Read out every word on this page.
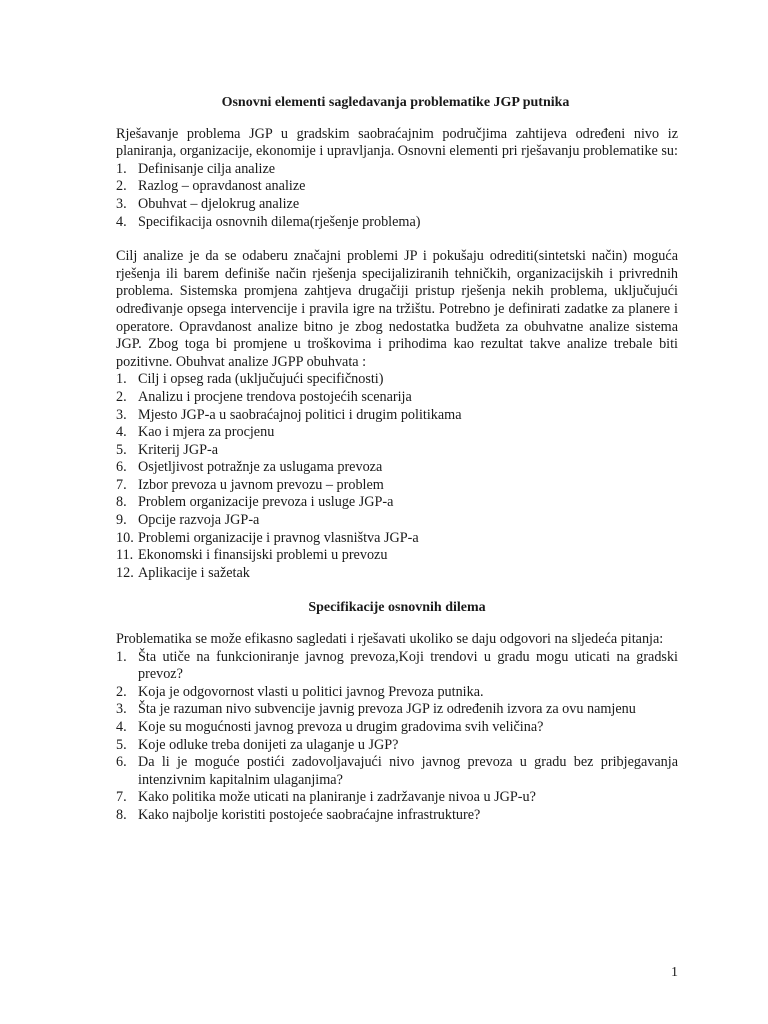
Osnovni elementi sagledavanja problematike JGP putnika

Rješavanje problema JGP u gradskim saobraćajnim područjima zahtijeva određeni nivo iz planiranja, organizacije, ekonomije i upravljanja. Osnovni elementi pri rješavanju problematike su:

1. Definisanje cilja analize
2. Razlog – opravdanost analize
3. Obuhvat – djelokrug analize
4. Specifikacija osnovnih dilema(rješenje problema)

Cilj analize je da se odaberu značajni problemi JP i pokušaju odrediti(sintetski način) moguća rješenja ili barem definiše način rješenja specijaliziranih tehničkih, organizacijskih i privrednih problema. Sistemska promjena zahtjeva drugačiji pristup rješenja nekih problema, uključujući određivanje opsega intervencije i pravila igre na tržištu. Potrebno je definirati zadatke za planere i operatore. Opravdanost analize bitno je zbog nedostatka budžeta za obuhvatne analize sistema JGP. Zbog toga bi promjene u troškovima i prihodima kao rezultat takve analize trebale biti pozitivne. Obuhvat analize JGPP obuhvata :

1. Cilj i opseg rada (uključujući specifičnosti)
2. Analizu i procjene trendova postojećih scenarija
3. Mjesto JGP-a u saobraćajnoj politici i drugim politikama
4. Kao i mjera za procjenu
5. Kriterij JGP-a
6. Osjetljivost potražnje za uslugama prevoza
7. Izbor prevoza u javnom prevozu – problem
8. Problem organizacije prevoza i usluge JGP-a
9. Opcije razvoja JGP-a
10. Problemi organizacije i pravnog vlasništva JGP-a
11. Ekonomski i finansijski problemi u prevozu
12. Aplikacije i sažetak
Specifikacije osnovnih dilema

Problematika se može efikasno sagledati i rješavati ukoliko se daju odgovori na sljedeća pitanja:

1. Šta utiče na funkcioniranje javnog prevoza,Koji trendovi u gradu mogu uticati na gradski prevoz?
2. Koja je odgovornost vlasti u politici javnog Prevoza putnika.
3. Šta je razuman nivo subvencije javnig prevoza JGP iz određenih izvora za ovu namjenu
4. Koje su mogućnosti javnog prevoza u drugim gradovima svih veličina?
5. Koje odluke treba donijeti za ulaganje u JGP?
6. Da li je moguće postići zadovoljavajući nivo javnog prevoza u gradu bez pribjegavanja intenzivnim kapitalnim ulaganjima?
7. Kako politika može uticati na planiranje i zadržavanje nivoa u JGP-u?
8. Kako najbolje koristiti postojeće saobraćajne infrastrukture?
1
